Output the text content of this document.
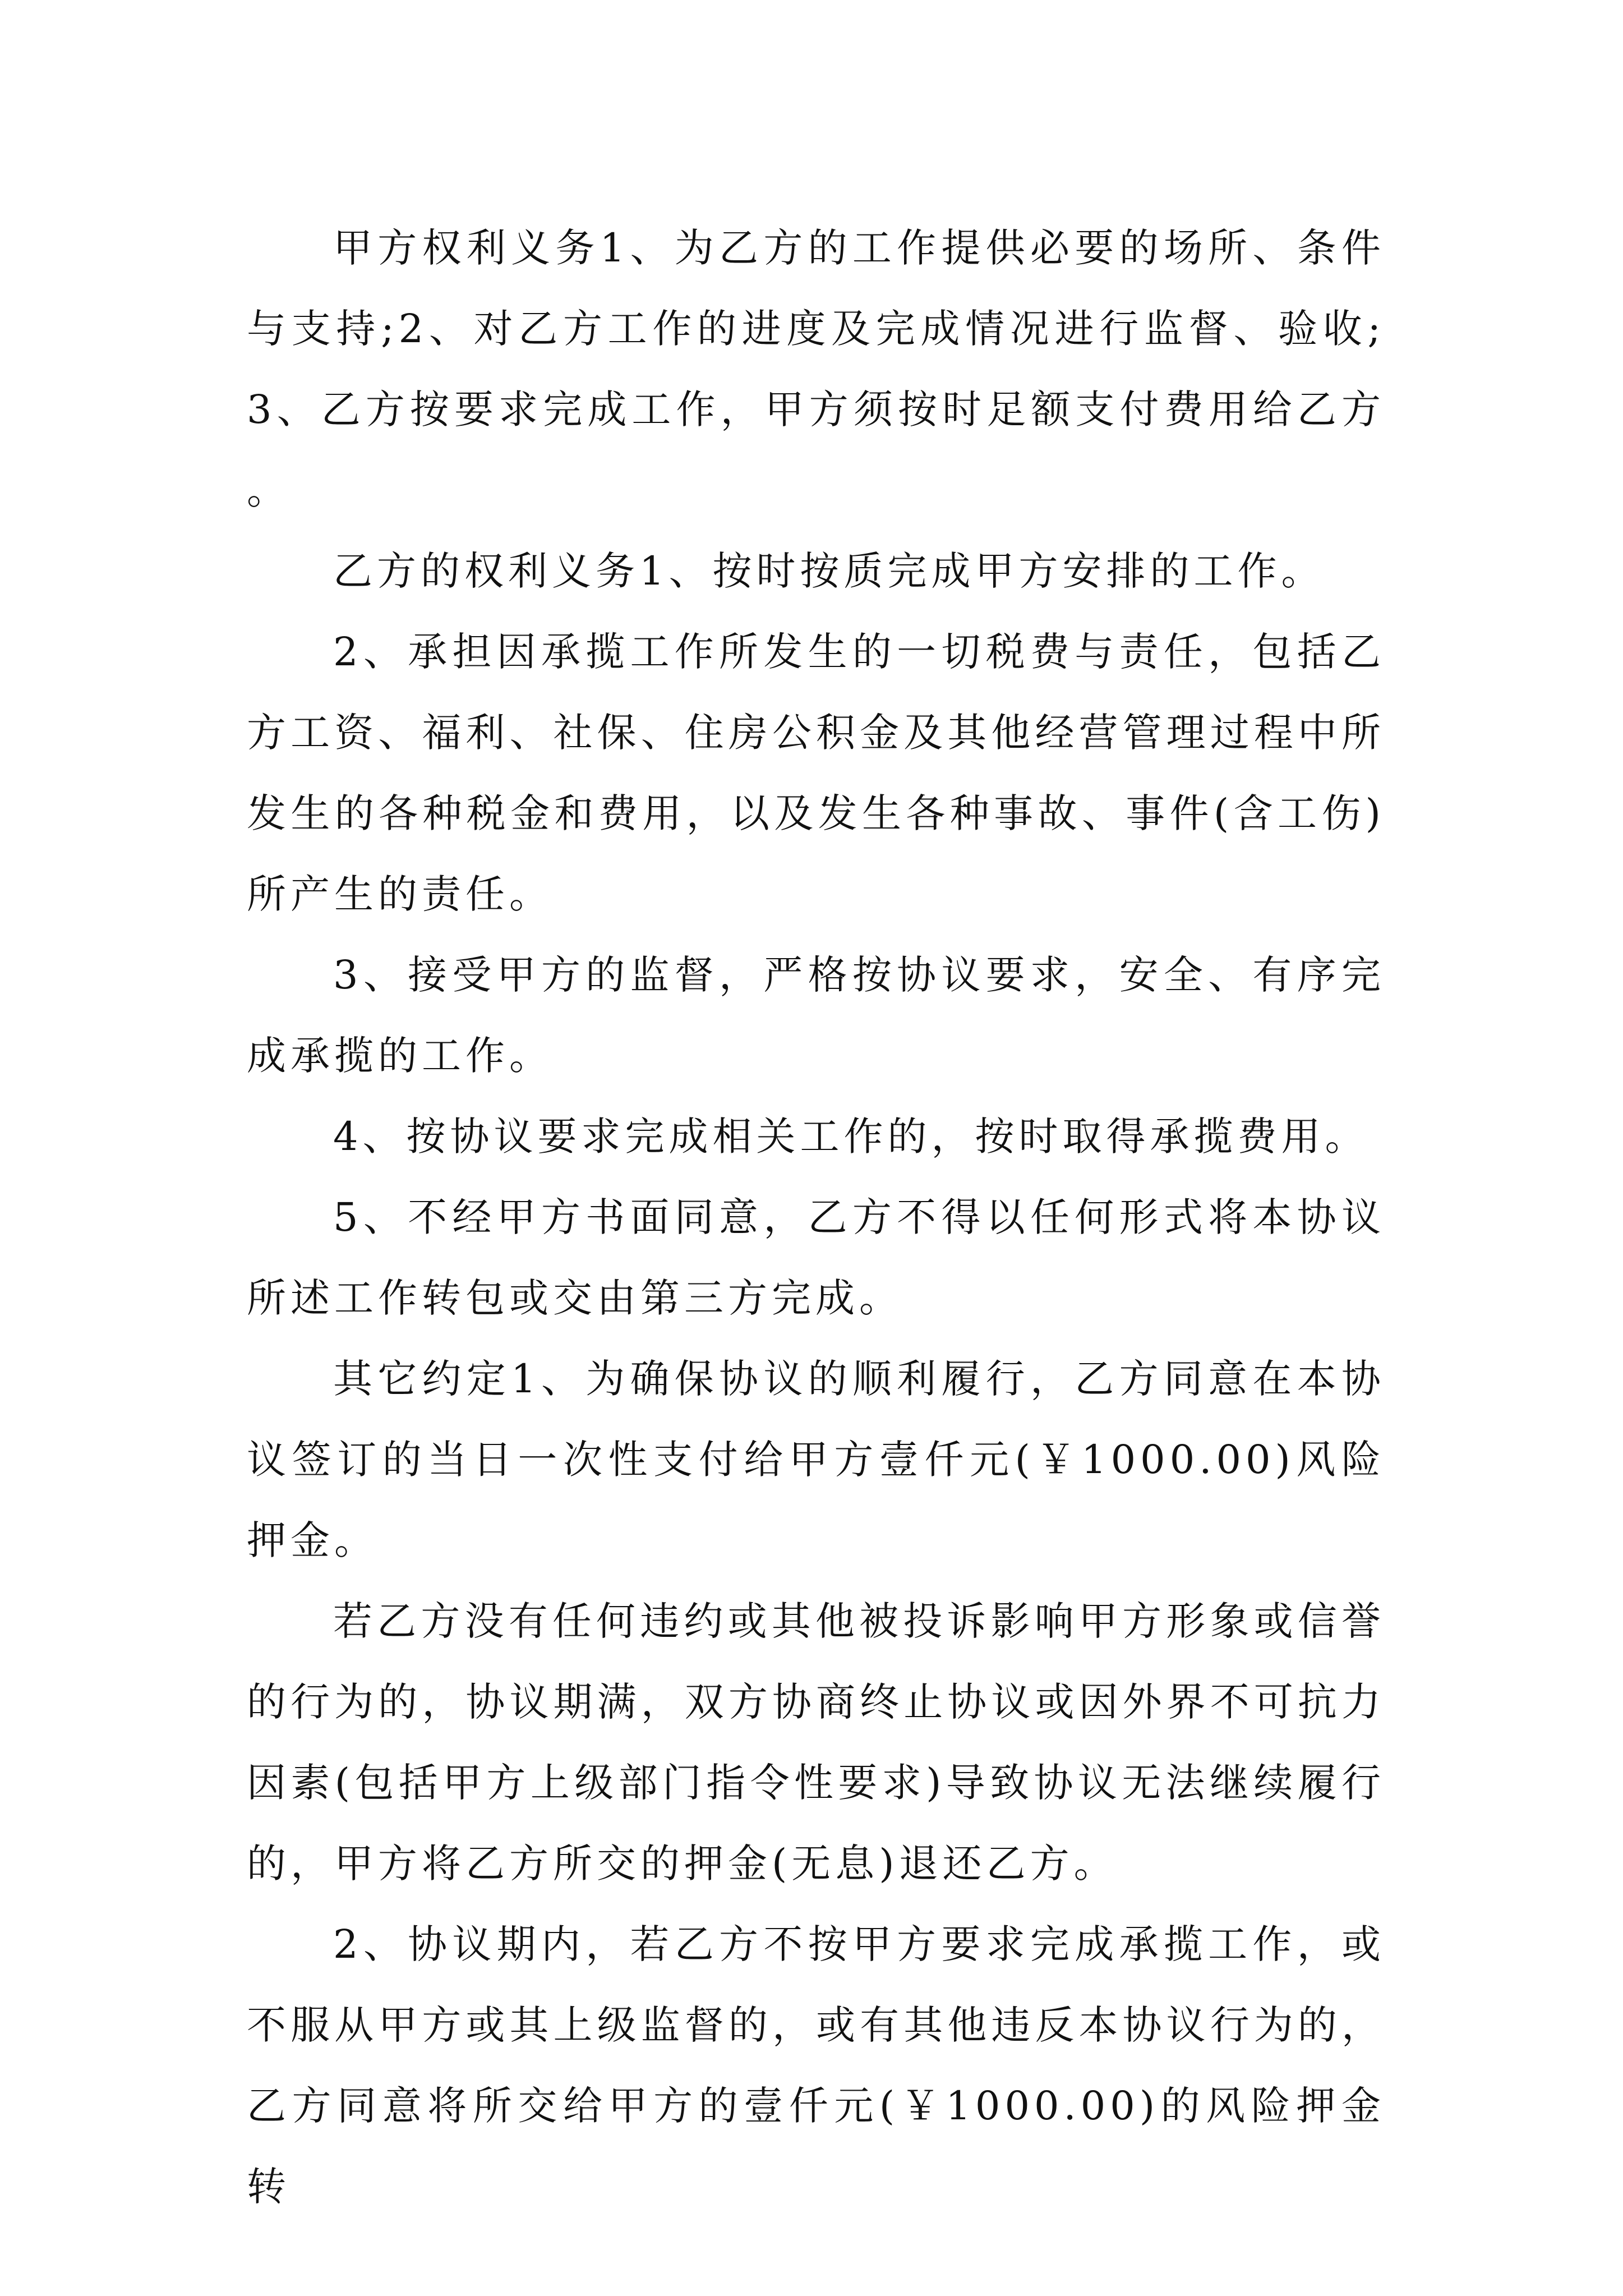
甲方权利义务1、为乙方的工作提供必要的场所、条件与支持;2、对乙方工作的进度及完成情况进行监督、验收;3、乙方按要求完成工作，甲方须按时足额支付费用给乙方。

乙方的权利义务1、按时按质完成甲方安排的工作。

2、承担因承揽工作所发生的一切税费与责任，包括乙方工资、福利、社保、住房公积金及其他经营管理过程中所发生的各种税金和费用，以及发生各种事故、事件(含工伤)所产生的责任。

3、接受甲方的监督，严格按协议要求，安全、有序完成承揽的工作。

4、按协议要求完成相关工作的，按时取得承揽费用。

5、不经甲方书面同意，乙方不得以任何形式将本协议所述工作转包或交由第三方完成。

其它约定1、为确保协议的顺利履行，乙方同意在本协议签订的当日一次性支付给甲方壹仟元(￥1000.00)风险押金。

若乙方没有任何违约或其他被投诉影响甲方形象或信誉的行为的，协议期满，双方协商终止协议或因外界不可抗力因素(包括甲方上级部门指令性要求)导致协议无法继续履行的，甲方将乙方所交的押金(无息)退还乙方。

2、协议期内，若乙方不按甲方要求完成承揽工作，或不服从甲方或其上级监督的，或有其他违反本协议行为的，乙方同意将所交给甲方的壹仟元(￥1000.00)的风险押金转
